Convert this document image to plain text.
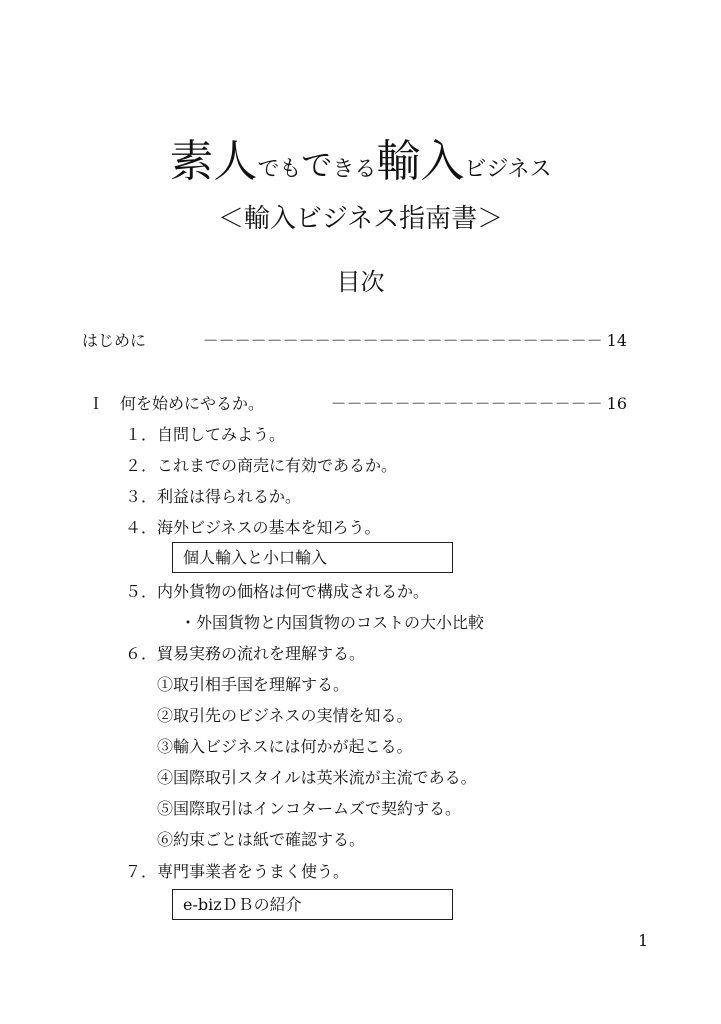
素人でもできる輸入ビジネス
＜輸入ビジネス指南書＞
目次
はじめに	－－－－－－－－－－－－－－－－－－－－－－－－－ 14
Ｉ　何を始めにやるか。	－－－－－－－－－－－－－－－－－ 16
１．自問してみよう。
２．これまでの商売に有効であるか。
３．利益は得られるか。
４．海外ビジネスの基本を知ろう。
個人輸入と小口輸入
５．内外貨物の価格は何で構成されるか。
・外国貨物と内国貨物のコストの大小比較
６．貿易実務の流れを理解する。
①取引相手国を理解する。
②取引先のビジネスの実情を知る。
③輸入ビジネスには何かが起こる。
④国際取引スタイルは英米流が主流である。
⑤国際取引はインコタームズで契約する。
⑥約束ごとは紙で確認する。
７．専門事業者をうまく使う。
e-bizＤＢの紹介
1
